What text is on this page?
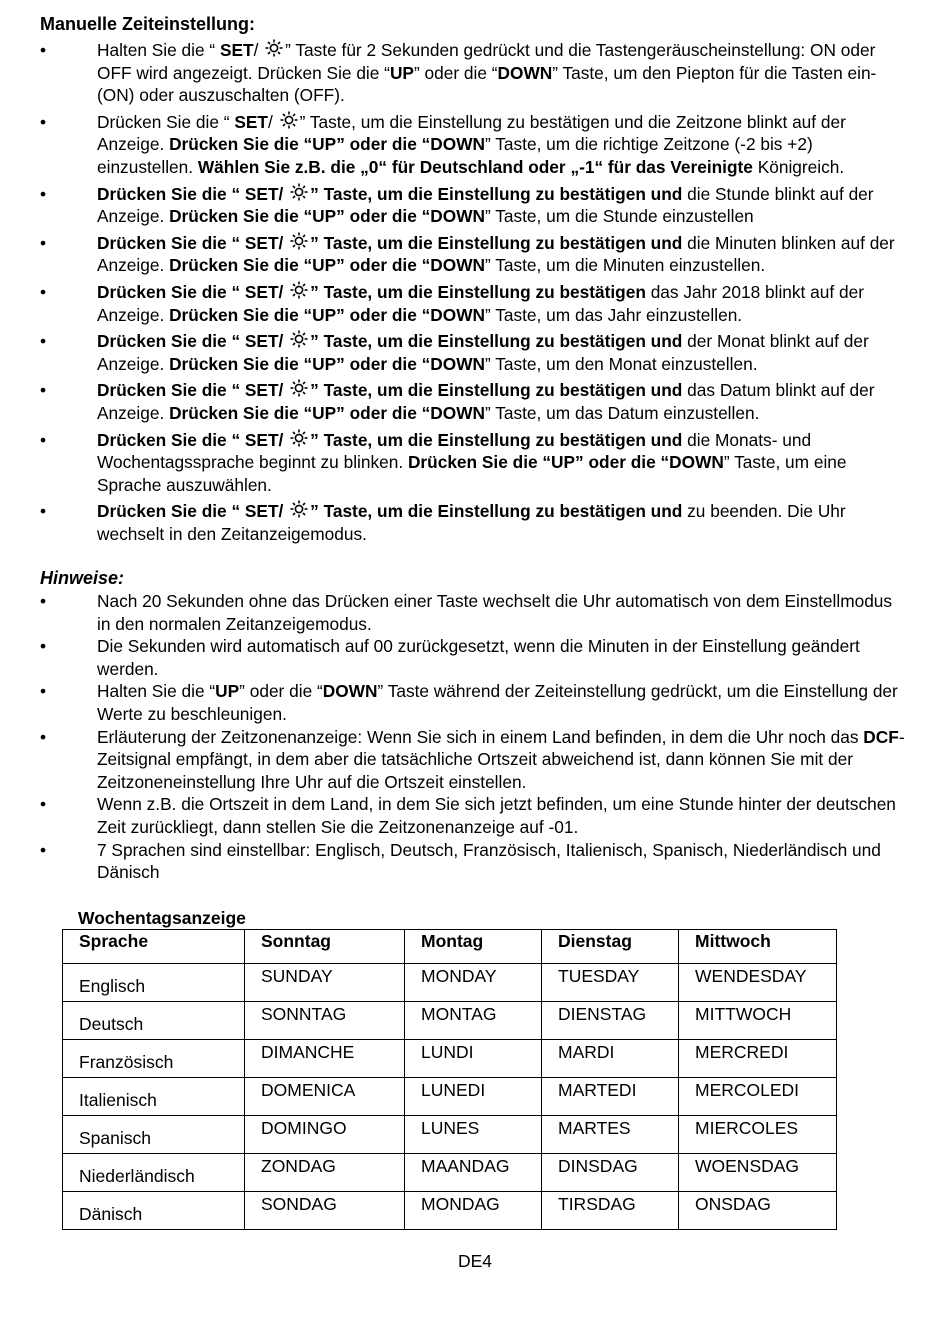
Manuelle Zeiteinstellung:
•	Halten Sie die “ SET/
” Taste für 2 Sekunden gedrückt und die Tastengeräuscheinstellung: ON oder OFF wird angezeigt. Drücken Sie die “UP” oder die “DOWN” Taste, um den Piepton für die Tasten ein- (ON) oder auszuschalten (OFF).
•	Drücken Sie die “ SET/
” Taste, um die Einstellung zu bestätigen und die Zeitzone blinkt auf der Anzeige. Drücken Sie die “UP” oder die “DOWN” Taste, um die richtige Zeitzone (-2 bis +2) einzustellen. Wählen Sie z.B. die „0“ für Deutschland oder „-1“ für das Vereinigte Königreich.
•	Drücken Sie die “ SET/
” Taste, um die Einstellung zu bestätigen und die Stunde blinkt auf der Anzeige. Drücken Sie die “UP” oder die “DOWN” Taste, um die Stunde einzustellen
•	Drücken Sie die “ SET/
” Taste, um die Einstellung zu bestätigen und die Minuten blinken auf der Anzeige. Drücken Sie die “UP” oder die “DOWN” Taste, um die Minuten einzustellen.
•	Drücken Sie die “ SET/
” Taste, um die Einstellung zu bestätigen das Jahr 2018 blinkt auf der Anzeige. Drücken Sie die “UP” oder die “DOWN” Taste, um das Jahr einzustellen.
•	Drücken Sie die “ SET/
” Taste, um die Einstellung zu bestätigen und der Monat blinkt auf der Anzeige. Drücken Sie die “UP” oder die “DOWN” Taste, um den Monat einzustellen.
•	Drücken Sie die “ SET/
” Taste, um die Einstellung zu bestätigen und das Datum blinkt auf der Anzeige. Drücken Sie die “UP” oder die “DOWN” Taste, um das Datum einzustellen.
•	Drücken Sie die “ SET/
” Taste, um die Einstellung zu bestätigen und die Monats- und Wochentagssprache beginnt zu blinken. Drücken Sie die “UP” oder die “DOWN” Taste, um eine Sprache auszuwählen.
•	Drücken Sie die “ SET/
” Taste, um die Einstellung zu bestätigen und zu beenden. Die Uhr wechselt in den Zeitanzeigemodus.
Hinweise:
•	Nach 20 Sekunden ohne das Drücken einer Taste wechselt die Uhr automatisch von dem Einstellmodus in den normalen Zeitanzeigemodus.
•	Die Sekunden wird automatisch auf 00 zurückgesetzt, wenn die Minuten in der Einstellung geändert werden.
•	Halten Sie die “UP” oder die “DOWN” Taste während der Zeiteinstellung gedrückt, um die Einstellung der Werte zu beschleunigen.
•	Erläuterung der Zeitzonenanzeige: Wenn Sie sich in einem Land befinden, in dem die Uhr noch das DCF-Zeitsignal empfängt, in dem aber die tatsächliche Ortszeit abweichend ist, dann können Sie mit der Zeitzoneneinstellung Ihre Uhr auf die Ortszeit einstellen.
•	Wenn z.B. die Ortszeit in dem Land, in dem Sie sich jetzt befinden, um eine Stunde hinter der deutschen Zeit zurückliegt, dann stellen Sie die Zeitzonenanzeige auf -01.
•	7 Sprachen sind einstellbar: Englisch, Deutsch, Französisch, Italienisch, Spanisch, Niederländisch und Dänisch
Wochentagsanzeige
Sprache	Sonntag	Montag	Dienstag	Mittwoch
Englisch	SUNDAY	MONDAY	TUESDAY	WENDESDAY
Deutsch	SONNTAG	MONTAG	DIENSTAG	MITTWOCH
Französisch	DIMANCHE	LUNDI	MARDI	MERCREDI
Italienisch	DOMENICA	LUNEDI	MARTEDI	MERCOLEDI
Spanisch	DOMINGO	LUNES	MARTES	MIERCOLES
Niederländisch	ZONDAG	MAANDAG	DINSDAG	WOENSDAG
Dänisch	SONDAG	MONDAG	TIRSDAG	ONSDAG
DE4
